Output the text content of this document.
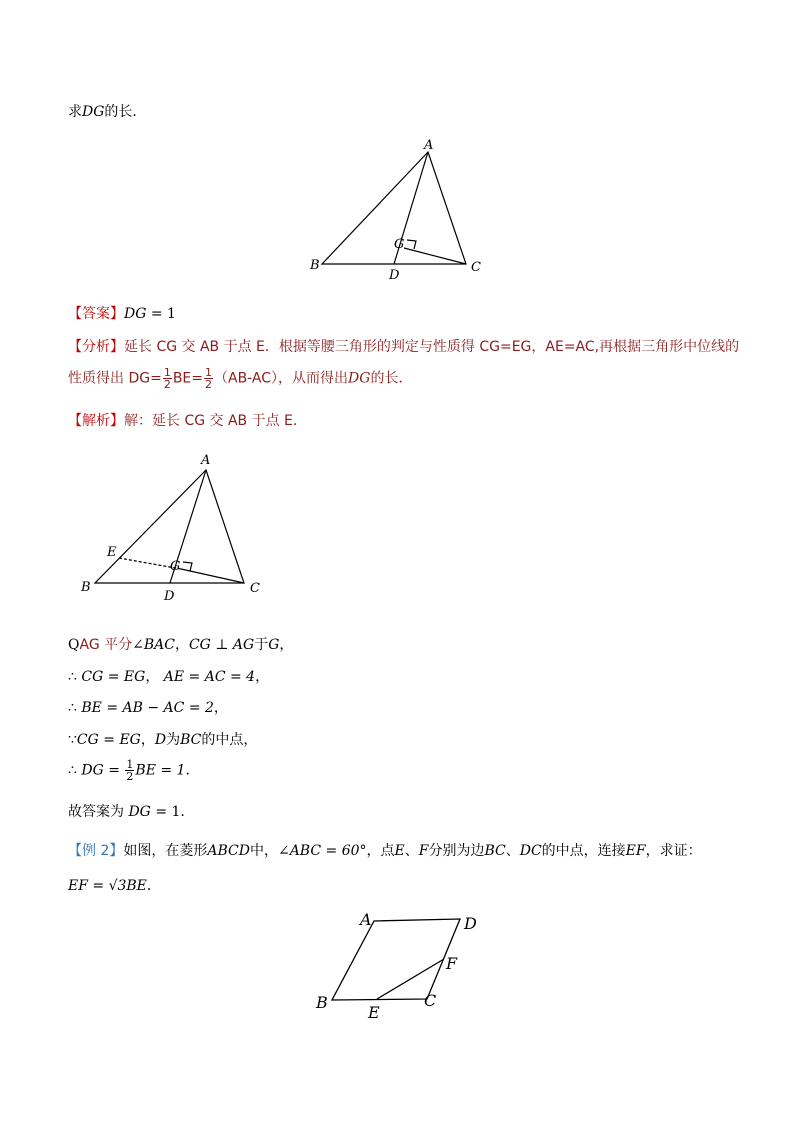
求DG的长．
A
B	C
D
G
【答案】DG = 1
【分析】延长 CG 交 AB 于点 E．根据等腰三角形的判定与性质得 CG=EG，AE=AC,再根据三角形中位线的
性质得出 $DG= \frac{1}{2} BE= \frac{1}{2} (AB-AC)$，从而得出DG的长．
【解析】解：延长 CG 交 AB 于点 E．
A
B	C
D
E
G
QAG 平分∠BAC，CG ⊥ AG于G，
∴ CG = EG， AE = AC = 4，
∴ BE = AB − AC = 2，
∵CG = EG，D为BC的中点，
∴ DG = $\frac{1}{2}$ BE = 1．
故答案为 DG = 1.
【例 2】如图，在菱形ABCD中，∠ABC = 60°，点E、F分别为边BC、DC的中点，连接EF，求证：
EF = √3BE．
A	D
F
B	C
E
